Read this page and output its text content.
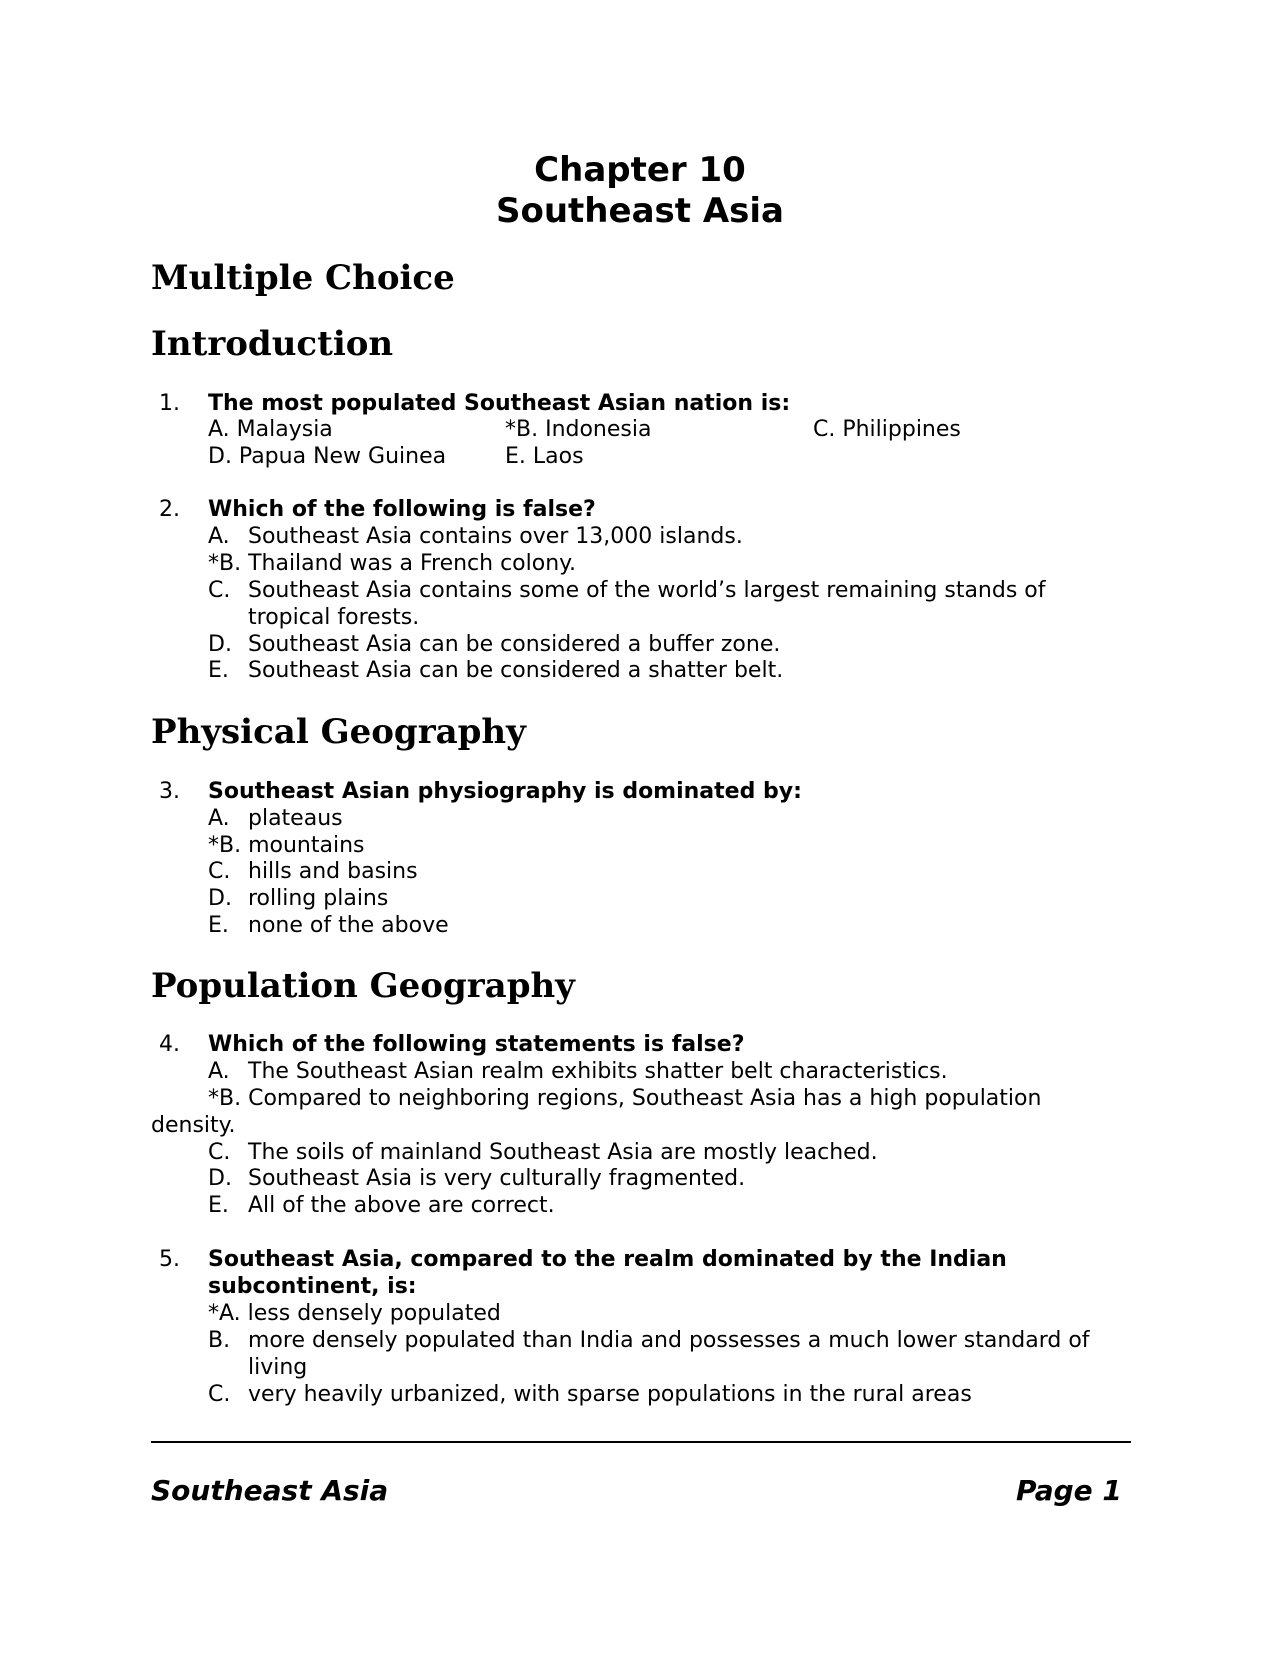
Chapter 10
Southeast Asia
Multiple Choice
Introduction
1. The most populated Southeast Asian nation is:
A. Malaysia	*B. Indonesia	C. Philippines
D. Papua New Guinea	E. Laos
2. Which of the following is false?
A. Southeast Asia contains over 13,000 islands.
*B. Thailand was a French colony.
C. Southeast Asia contains some of the world’s largest remaining stands of
tropical forests.
D. Southeast Asia can be considered a buffer zone.
E. Southeast Asia can be considered a shatter belt.
Physical Geography
3. Southeast Asian physiography is dominated by:
A. plateaus
*B. mountains
C. hills and basins
D. rolling plains
E. none of the above
Population Geography
4. Which of the following statements is false?
A. The Southeast Asian realm exhibits shatter belt characteristics.
*B. Compared to neighboring regions, Southeast Asia has a high population
density.
C. The soils of mainland Southeast Asia are mostly leached.
D. Southeast Asia is very culturally fragmented.
E. All of the above are correct.
5. Southeast Asia, compared to the realm dominated by the Indian
subcontinent, is:
*A. less densely populated
B. more densely populated than India and possesses a much lower standard of
living
C. very heavily urbanized, with sparse populations in the rural areas
Southeast Asia	Page 1
